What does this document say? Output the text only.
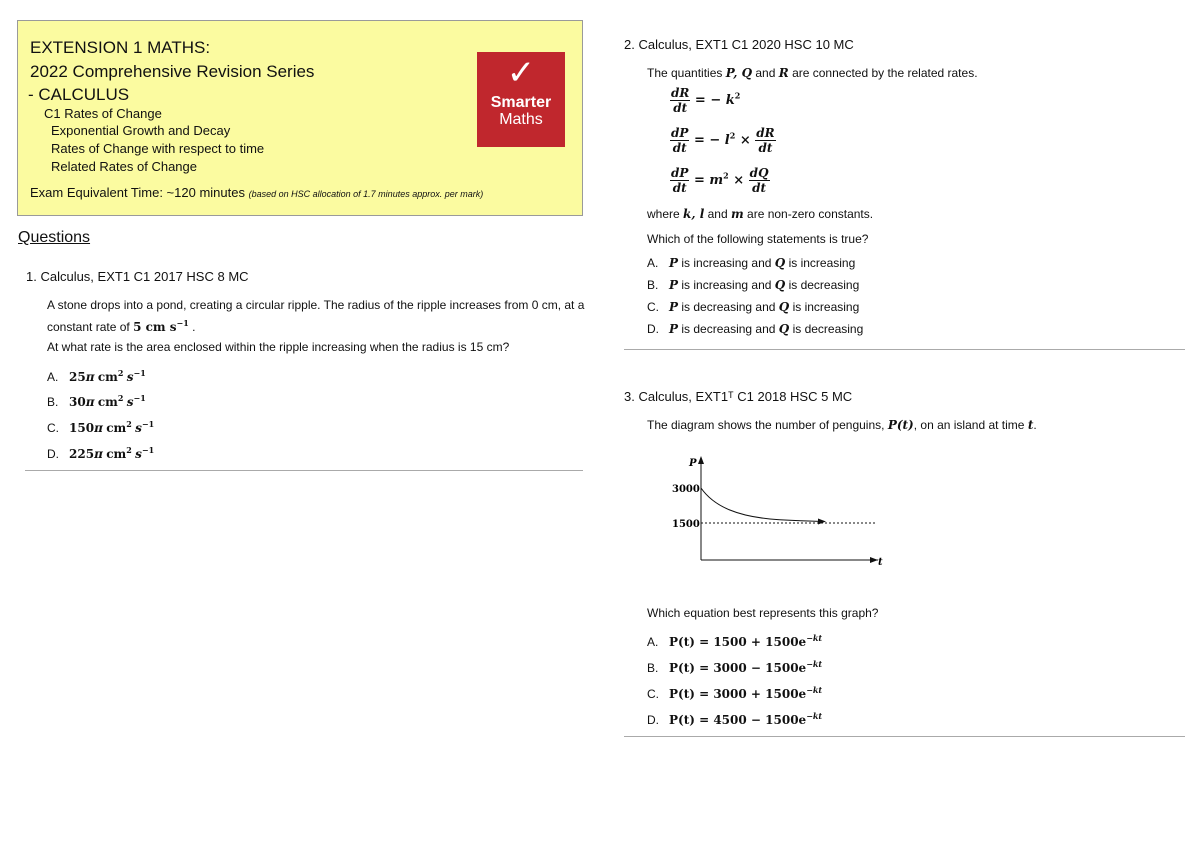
EXTENSION 1 MATHS:
2022 Comprehensive Revision Series
- CALCULUS
C1 Rates of Change
Exponential Growth and Decay
Rates of Change with respect to time
Related Rates of Change
Exam Equivalent Time: ~120 minutes (based on HSC allocation of 1.7 minutes approx. per mark)
✓
Smarter
Maths
Questions
1. Calculus, EXT1 C1 2017 HSC 8 MC
A stone drops into a pond, creating a circular ripple. The radius of the ripple increases from 0 cm, at a
constant rate of 5 cm $s^{-1}$ .
At what rate is the area enclosed within the ripple increasing when the radius is 15 cm?
A. 25π $cm^2$ $s^{-1}$
B. 30π $cm^2$ $s^{-1}$
C. 150π $cm^2$ $s^{-1}$
D. 225π $cm^2$ $s^{-1}$
2. Calculus, EXT1 C1 2020 HSC 10 MC
The quantities P, Q and R are connected by the related rates.
$\frac{dR}{dt}$ = − $k^2$
$\frac{dP}{dt}$ = − $l^2 \times \frac{dR}{dt}$
$\frac{dP}{dt} = m^2 \times \frac{dQ}{dt}$
where k, l and m are non-zero constants.
Which of the following statements is true?
A. P is increasing and Q is increasing
B. P is increasing and Q is decreasing
C. P is decreasing and Q is increasing
D. P is decreasing and Q is decreasing
3. Calculus, EXT1ᵀ C1 2018 HSC 5 MC
The diagram shows the number of penguins, P(t), on an island at time t.
P
t
3000
1500
Which equation best represents this graph?
A. $P(t) = 1500 + 1500e^{-kt}$
B. $P(t) = 3000 - 1500e^{-kt}$
C. $P(t) = 3000 + 1500e^{-kt}$
D. $P(t) = 4500 - 1500e^{-kt}$
